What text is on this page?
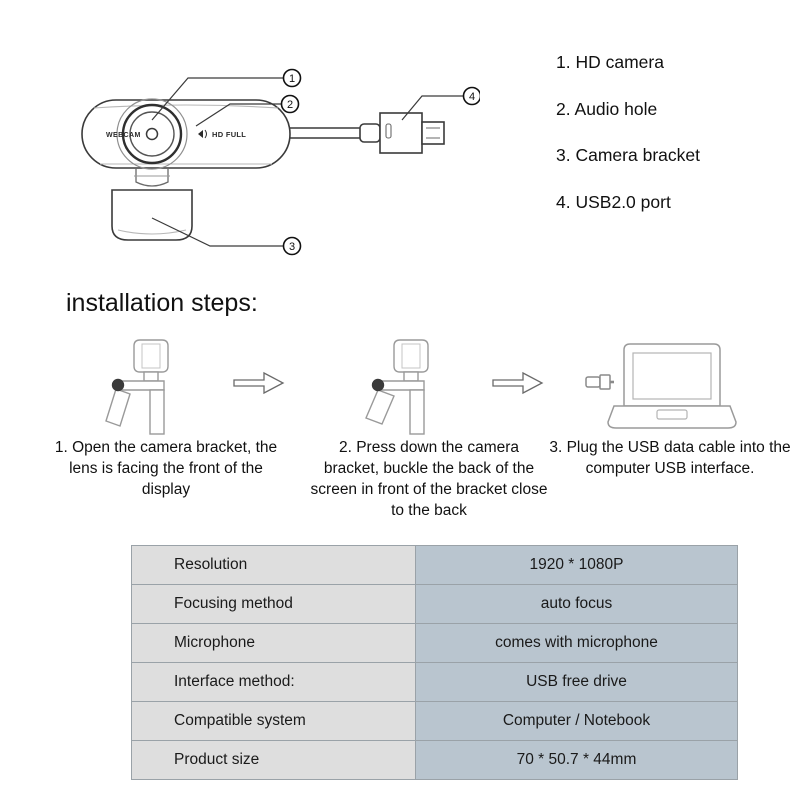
WEBCAM	HD FULL
1
2
3
4
1. HD camera
2. Audio hole
3. Camera bracket
4. USB2.0 port
installation steps:
1. Open the camera bracket, the lens is facing the front of the display
2. Press down the camera bracket, buckle the back of the screen in front of the bracket close to the back
3. Plug the USB data cable into the computer USB interface.
Resolution	1920 * 1080P
Focusing method	auto focus
Microphone	comes with microphone
Interface method:	USB free drive
Compatible system	Computer / Notebook
Product size	70 * 50.7 * 44mm
